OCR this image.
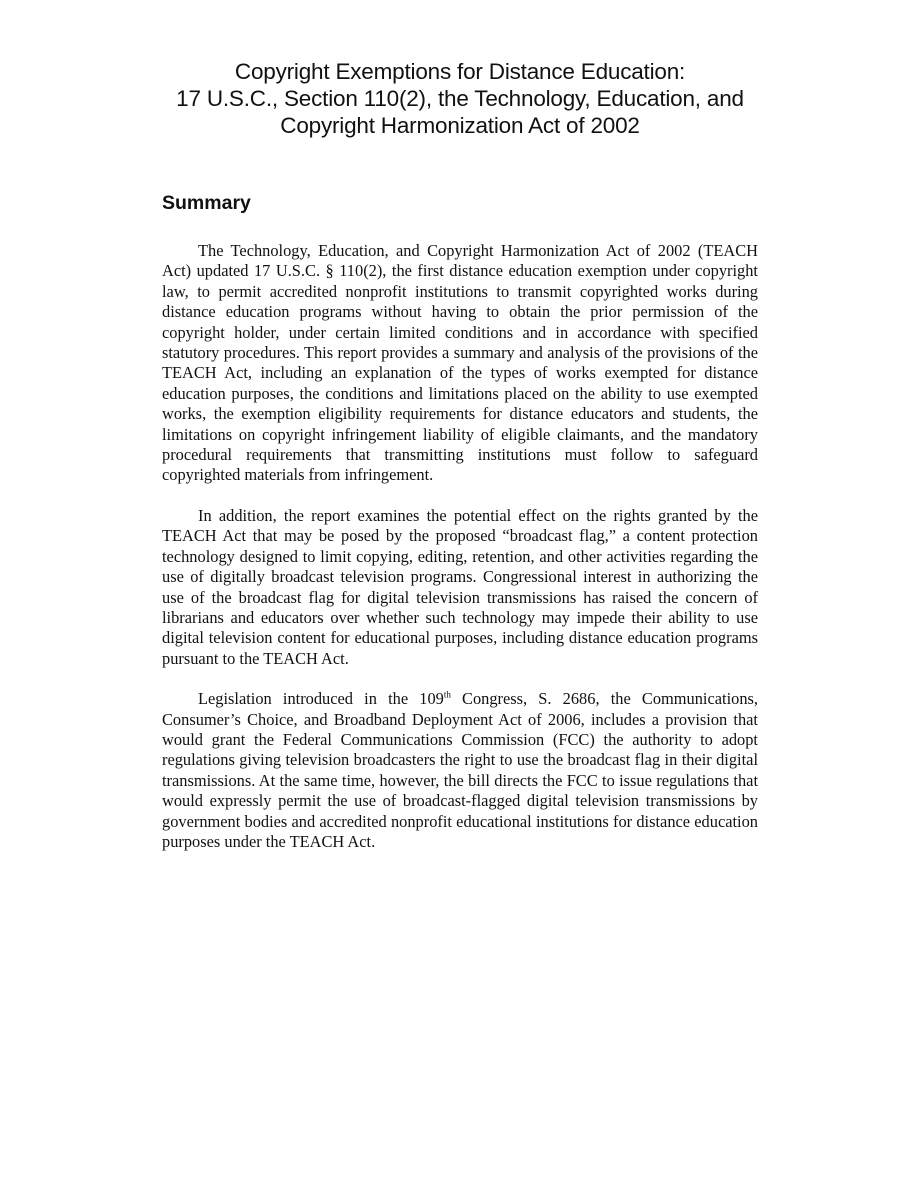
Copyright Exemptions for Distance Education:
17 U.S.C., Section 110(2), the Technology, Education, and
Copyright Harmonization Act of 2002
Summary

The Technology, Education, and Copyright Harmonization Act of 2002 (TEACH Act) updated 17 U.S.C. § 110(2), the first distance education exemption under copyright law, to permit accredited nonprofit institutions to transmit copyrighted works during distance education programs without having to obtain the prior permission of the copyright holder, under certain limited conditions and in accordance with specified statutory procedures. This report provides a summary and analysis of the provisions of the TEACH Act, including an explanation of the types of works exempted for distance education purposes, the conditions and limitations placed on the ability to use exempted works, the exemption eligibility requirements for distance educators and students, the limitations on copyright infringement liability of eligible claimants, and the mandatory procedural requirements that transmitting institutions must follow to safeguard copyrighted materials from infringement.

In addition, the report examines the potential effect on the rights granted by the TEACH Act that may be posed by the proposed “broadcast flag,” a content protection technology designed to limit copying, editing, retention, and other activities regarding the use of digitally broadcast television programs. Congressional interest in authorizing the use of the broadcast flag for digital television transmissions has raised the concern of librarians and educators over whether such technology may impede their ability to use digital television content for educational purposes, including distance education programs pursuant to the TEACH Act.

Legislation introduced in the 109th Congress, S. 2686, the Communications, Consumer’s Choice, and Broadband Deployment Act of 2006, includes a provision that would grant the Federal Communications Commission (FCC) the authority to adopt regulations giving television broadcasters the right to use the broadcast flag in their digital transmissions. At the same time, however, the bill directs the FCC to issue regulations that would expressly permit the use of broadcast-flagged digital television transmissions by government bodies and accredited nonprofit educational institutions for distance education purposes under the TEACH Act.
